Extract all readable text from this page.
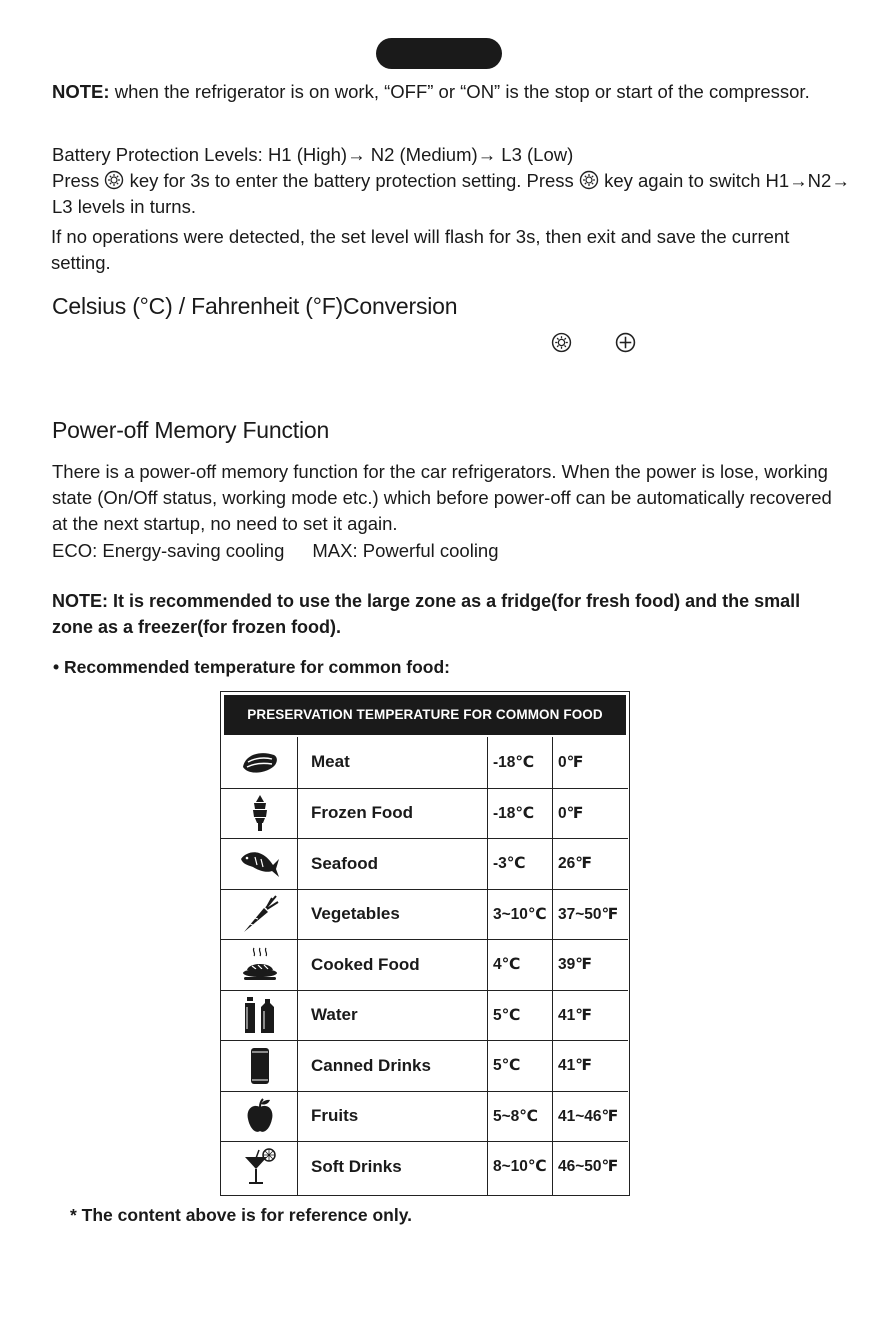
NOTE: when the refrigerator is on work, “OFF” or “ON” is the stop or start of the compressor.

Battery Protection Levels: H1 (High)→ N2 (Medium)→ L3 (Low)

Press key for 3s to enter the battery protection setting. Press key again to switch H1→N2→ L3 levels in turns.

If no operations were detected, the set level will flash for 3s, then exit and save the current setting.

Celsius (°C) / Fahrenheit (°F)Conversion
Power-off Memory Function

There is a power-off memory function for the car refrigerators. When the power is lose, working state (On/Off status, working mode etc.) which before power-off can be automatically recovered at the next startup, no need to set it again.

ECO: Energy-saving cooling MAX: Powerful cooling

NOTE: It is recommended to use the large zone as a fridge(for fresh food) and the small zone as a freezer(for frozen food).

• Recommended temperature for common food:

PRESERVATION TEMPERATURE FOR COMMON FOOD
Meat	-18℃ 0℉
Frozen Food	-18℃ 0℉
Seafood	-3℃ 26℉
Vegetables	3~10℃ 37~50℉
Cooked Food	4℃ 39℉
Water	5℃ 41℉
Canned Drinks	5℃ 41℉
Fruits	5~8℃ 41~46℉
Soft Drinks	8~10℃ 46~50℉

* The content above is for reference only.
